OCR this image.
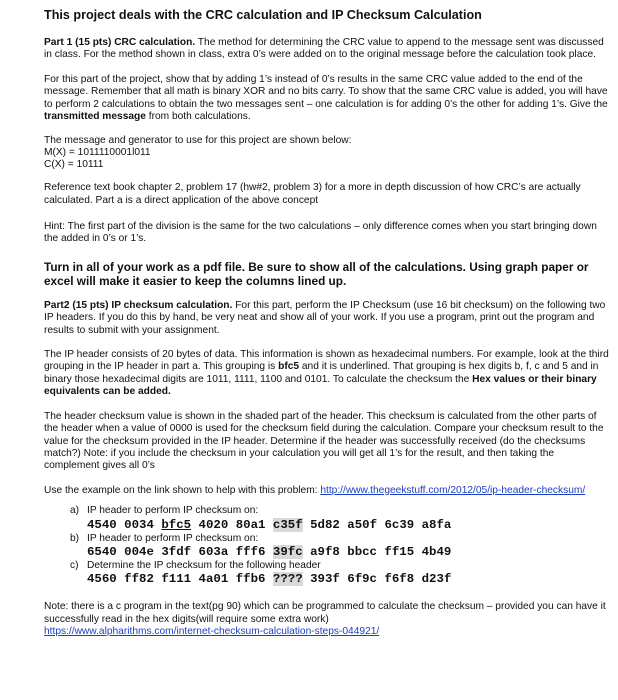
This project deals with the CRC calculation and IP Checksum Calculation

Part 1 (15 pts) CRC calculation. The method for determining the CRC value to append to the message sent was discussed in class. For the method shown in class, extra 0’s were added on to the original message before the calculation took place.

For this part of the project, show that by adding 1’s instead of 0’s results in the same CRC value added to the end of the message. Remember that all math is binary XOR and no bits carry. To show that the same CRC value is added, you will have to perform 2 calculations to obtain the two messages sent – one calculation is for adding 0’s the other for adding 1’s. Give the transmitted message from both calculations.

The message and generator to use for this project are shown below:
M(X) = 1011110001l011
C(X) = 10111

Reference text book chapter 2, problem 17 (hw#2, problem 3) for a more in depth discussion of how CRC’s are actually calculated. Part a is a direct application of the above concept

Hint: The first part of the division is the same for the two calculations – only difference comes when you start bringing down the added in 0’s or 1’s.

Turn in all of your work as a pdf file. Be sure to show all of the calculations. Using graph paper or excel will make it easier to keep the columns lined up.

Part2 (15 pts) IP checksum calculation. For this part, perform the IP Checksum (use 16 bit checksum) on the following two IP headers. If you do this by hand, be very neat and show all of your work. If you use a program, print out the program and results to submit with your assignment.

The IP header consists of 20 bytes of data. This information is shown as hexadecimal numbers. For example, look at the third grouping in the IP header in part a. This grouping is bfc5 and it is underlined. That grouping is hex digits b, f, c and 5 and in binary those hexadecimal digits are 1011, 1111, 1100 and 0101. To calculate the checksum the Hex values or their binary equivalents can be added.

The header checksum value is shown in the shaded part of the header. This checksum is calculated from the other parts of the header when a value of 0000 is used for the checksum field during the calculation. Compare your checksum result to the value for the checksum provided in the IP header. Determine if the header was successfully received (do the checksums match?) Note: if you include the checksum in your calculation you will get all 1’s for the result, and then taking the complement gives all 0’s

Use the example on the link shown to help with this problem: http://www.thegeekstuff.com/2012/05/ip-header-checksum/

a) IP header to perform IP checksum on:
4540 0034 bfc5 4020 80a1 c35f 5d82 a50f 6c39 a8fa
b) IP header to perform IP checksum on:
6540 004e 3fdf 603a fff6 39fc a9f8 bbcc ff15 4b49
c) Determine the IP checksum for the following header
4560 ff82 f111 4a01 ffb6 ???? 393f 6f9c f6f8 d23f

Note: there is a c program in the text(pg 90) which can be programmed to calculate the checksum – provided you can have it successfully read in the hex digits(will require some extra work)
https://www.alpharithms.com/internet-checksum-calculation-steps-044921/
